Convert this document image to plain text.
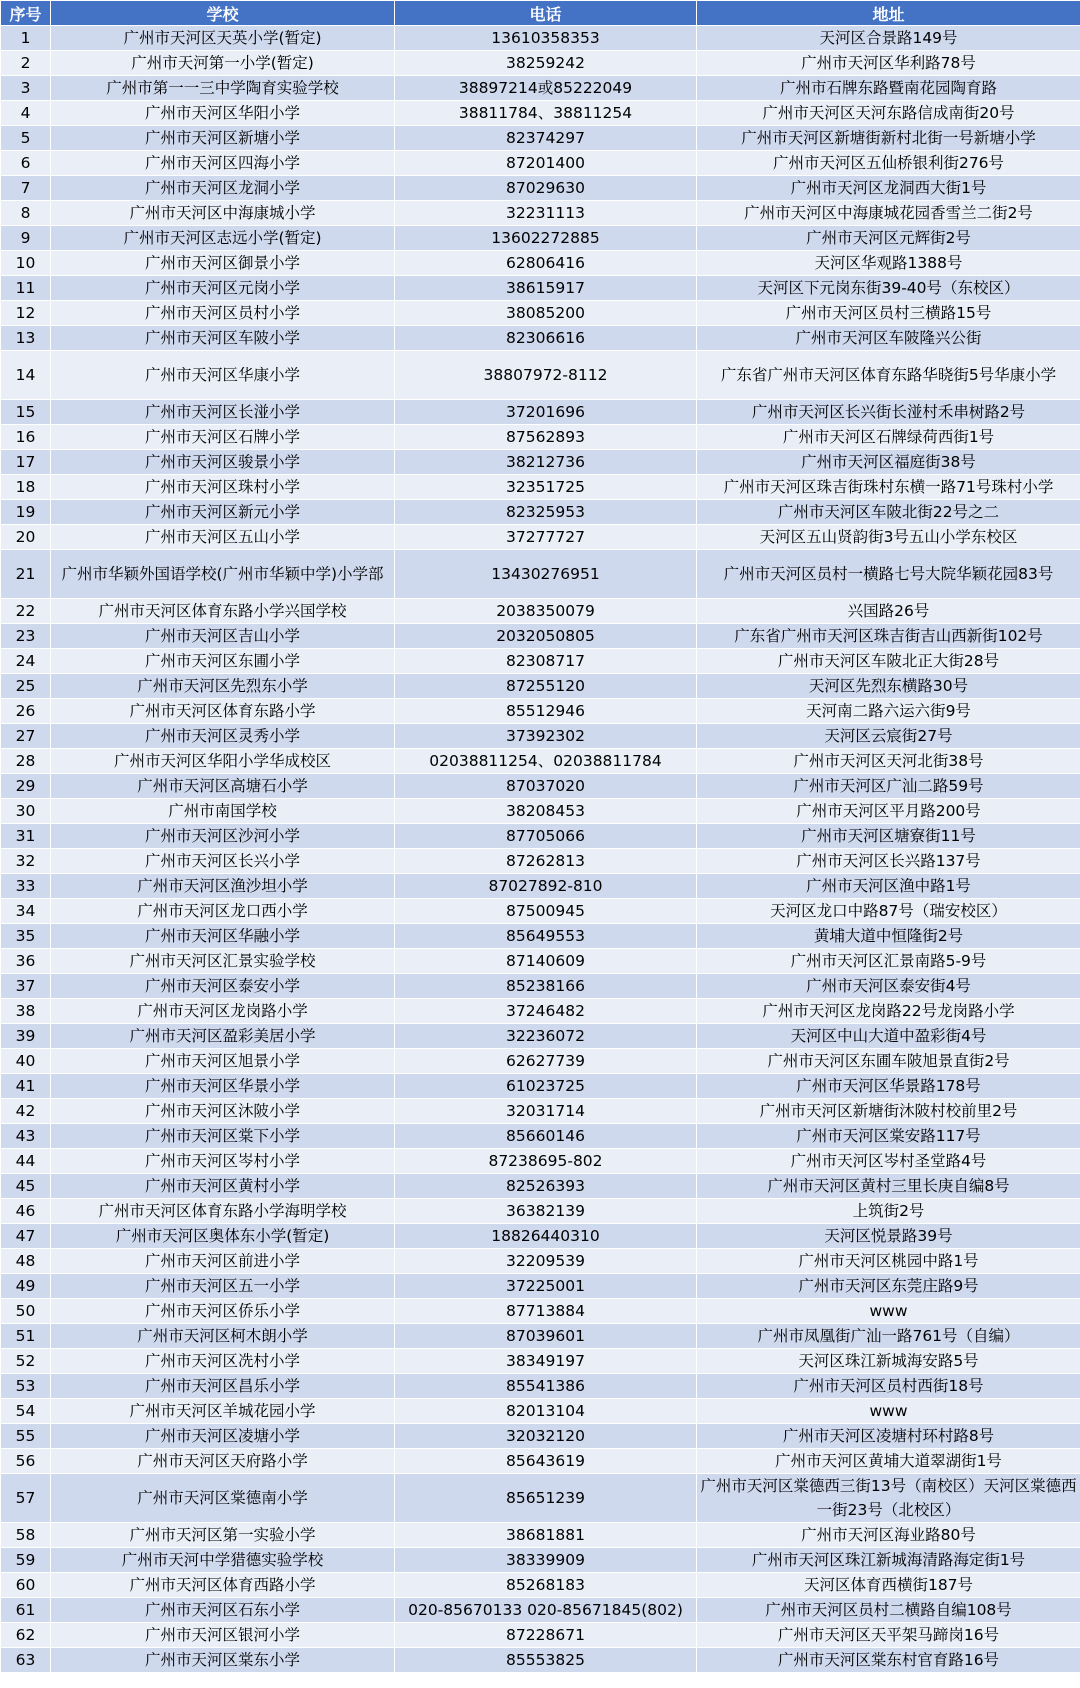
序号	学校	电话	地址
1	广州市天河区天英小学(暂定)	13610358353	天河区合景路149号
2	广州市天河第一小学(暂定)	38259242	广州市天河区华利路78号
3	广州市第一一三中学陶育实验学校	38897214或85222049	广州市石牌东路暨南花园陶育路
4	广州市天河区华阳小学	38811784、38811254	广州市天河区天河东路信成南街20号
5	广州市天河区新塘小学	82374297	广州市天河区新塘街新村北街一号新塘小学
6	广州市天河区四海小学	87201400	广州市天河区五仙桥银利街276号
7	广州市天河区龙洞小学	87029630	广州市天河区龙洞西大街1号
8	广州市天河区中海康城小学	32231113	广州市天河区中海康城花园香雪兰二街2号
9	广州市天河区志远小学(暂定)	13602272885	广州市天河区元辉街2号
10	广州市天河区御景小学	62806416	天河区华观路1388号
11	广州市天河区元岗小学	38615917	天河区下元岗东街39-40号（东校区）
12	广州市天河区员村小学	38085200	广州市天河区员村三横路15号
13	广州市天河区车陂小学	82306616	广州市天河区车陂隆兴公街
14	广州市天河区华康小学	38807972-8112	广东省广州市天河区体育东路华晓街5号华康小学
15	广州市天河区长湴小学	37201696	广州市天河区长兴街长湴村禾串树路2号
16	广州市天河区石牌小学	87562893	广州市天河区石牌绿荷西街1号
17	广州市天河区骏景小学	38212736	广州市天河区福庭街38号
18	广州市天河区珠村小学	32351725	广州市天河区珠吉街珠村东横一路71号珠村小学
19	广州市天河区新元小学	82325953	广州市天河区车陂北街22号之二
20	广州市天河区五山小学	37277727	天河区五山贤韵街3号五山小学东校区
21	广州市华颖外国语学校(广州市华颖中学)小学部	13430276951	广州市天河区员村一横路七号大院华颖花园83号
22	广州市天河区体育东路小学兴国学校	2038350079	兴国路26号
23	广州市天河区吉山小学	2032050805	广东省广州市天河区珠吉街吉山西新街102号
24	广州市天河区东圃小学	82308717	广州市天河区车陂北正大街28号
25	广州市天河区先烈东小学	87255120	天河区先烈东横路30号
26	广州市天河区体育东路小学	85512946	天河南二路六运六街9号
27	广州市天河区灵秀小学	37392302	天河区云宸街27号
28	广州市天河区华阳小学华成校区	02038811254、02038811784	广州市天河区天河北街38号
29	广州市天河区高塘石小学	87037020	广州市天河区广汕二路59号
30	广州市南国学校	38208453	广州市天河区平月路200号
31	广州市天河区沙河小学	87705066	广州市天河区塘寮街11号
32	广州市天河区长兴小学	87262813	广州市天河区长兴路137号
33	广州市天河区渔沙坦小学	87027892-810	广州市天河区渔中路1号
34	广州市天河区龙口西小学	87500945	天河区龙口中路87号（瑞安校区）
35	广州市天河区华融小学	85649553	黄埔大道中恒隆街2号
36	广州市天河区汇景实验学校	87140609	广州市天河区汇景南路5-9号
37	广州市天河区泰安小学	85238166	广州市天河区泰安街4号
38	广州市天河区龙岗路小学	37246482	广州市天河区龙岗路22号龙岗路小学
39	广州市天河区盈彩美居小学	32236072	天河区中山大道中盈彩街4号
40	广州市天河区旭景小学	62627739	广州市天河区东圃车陂旭景直街2号
41	广州市天河区华景小学	61023725	广州市天河区华景路178号
42	广州市天河区沐陂小学	32031714	广州市天河区新塘街沐陂村校前里2号
43	广州市天河区棠下小学	85660146	广州市天河区棠安路117号
44	广州市天河区岑村小学	87238695-802	广州市天河区岑村圣堂路4号
45	广州市天河区黄村小学	82526393	广州市天河区黄村三里长庚自编8号
46	广州市天河区体育东路小学海明学校	36382139	上筑街2号
47	广州市天河区奥体东小学(暂定)	18826440310	天河区悦景路39号
48	广州市天河区前进小学	32209539	广州市天河区桃园中路1号
49	广州市天河区五一小学	37225001	广州市天河区东莞庄路9号
50	广州市天河区侨乐小学	87713884	www
51	广州市天河区柯木朗小学	87039601	广州市凤凰街广汕一路761号（自编）
52	广州市天河区冼村小学	38349197	天河区珠江新城海安路5号
53	广州市天河区昌乐小学	85541386	广州市天河区员村西街18号
54	广州市天河区羊城花园小学	82013104	www
55	广州市天河区凌塘小学	32032120	广州市天河区凌塘村环村路8号
56	广州市天河区天府路小学	85643619	广州市天河区黄埔大道翠湖街1号
57	广州市天河区棠德南小学	85651239	广州市天河区棠德西三街13号（南校区）天河区棠德西一街23号（北校区）
58	广州市天河区第一实验小学	38681881	广州市天河区海业路80号
59	广州市天河中学猎德实验学校	38339909	广州市天河区珠江新城海清路海定街1号
60	广州市天河区体育西路小学	85268183	天河区体育西横街187号
61	广州市天河区石东小学	020-85670133 020-85671845(802)	广州市天河区员村二横路自编108号
62	广州市天河区银河小学	87228671	广州市天河区天平架马蹄岗16号
63	广州市天河区棠东小学	85553825	广州市天河区棠东村官育路16号
